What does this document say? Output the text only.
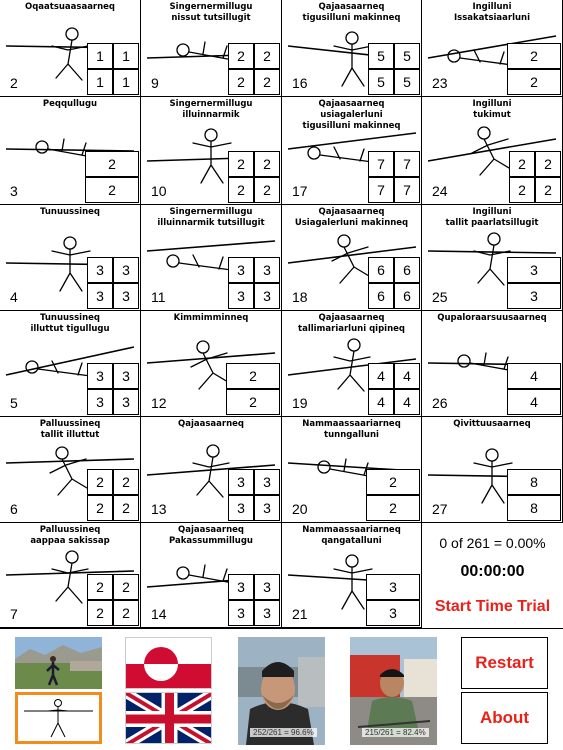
Oqaatsuaasaarneq
2
1	1
1	1
Peqqullugu
3
2
2
Tunuussineq
4
3	3
3	3
Tunuussineq
illuttut tigullugu
5
3	3
3	3
Palluussineq
tallit illuttut
6
2	2
2	2
Palluussineq
aappaa sakissap
7
2	2
2	2
Singernermillugu
nissut tutsillugit
9
2	2
2	2
Singernermillugu
illuinnarmik
10
2	2
2	2
Singernermillugu
illuinnarmik tutsillugit
11
3	3
3	3
Kimmimminneq
12
2
2
Qajaasaarneq
13
3	3
3	3
Qajaasaarneq
Pakassummillugu
14
3	3
3	3
Qajaasaarneq
tigusilluni makinneq
16
5	5
5	5
Qajaasaarneq usiagalerluni
tigusilluni makinneq
17
7	7
7	7
Qajaasaarneq
Usiagalerluni makinneq
18
6	6
6	6
Qajaasaarneq
tallimariarluni qipineq
19
4	4
4	4
Nammaassaariarneq
tunngalluni
20
2
2
Nammaassaariarneq
qangatalluni
21
3
3
Ingilluni
Issakatsiaarluni
23
2
2
Ingilluni
tukimut
24
2	2
2	2
Ingilluni
tallit paarlatsillugit
25
3
3
Qupaloraarsuusaarneq
26
4
4
Qivittuusaarneq
27
8
8
0 of 261 = 0.00%
00:00:00
Start Time Trial
252/261 = 96.6%	215/261 = 82.4%
Restart
About
